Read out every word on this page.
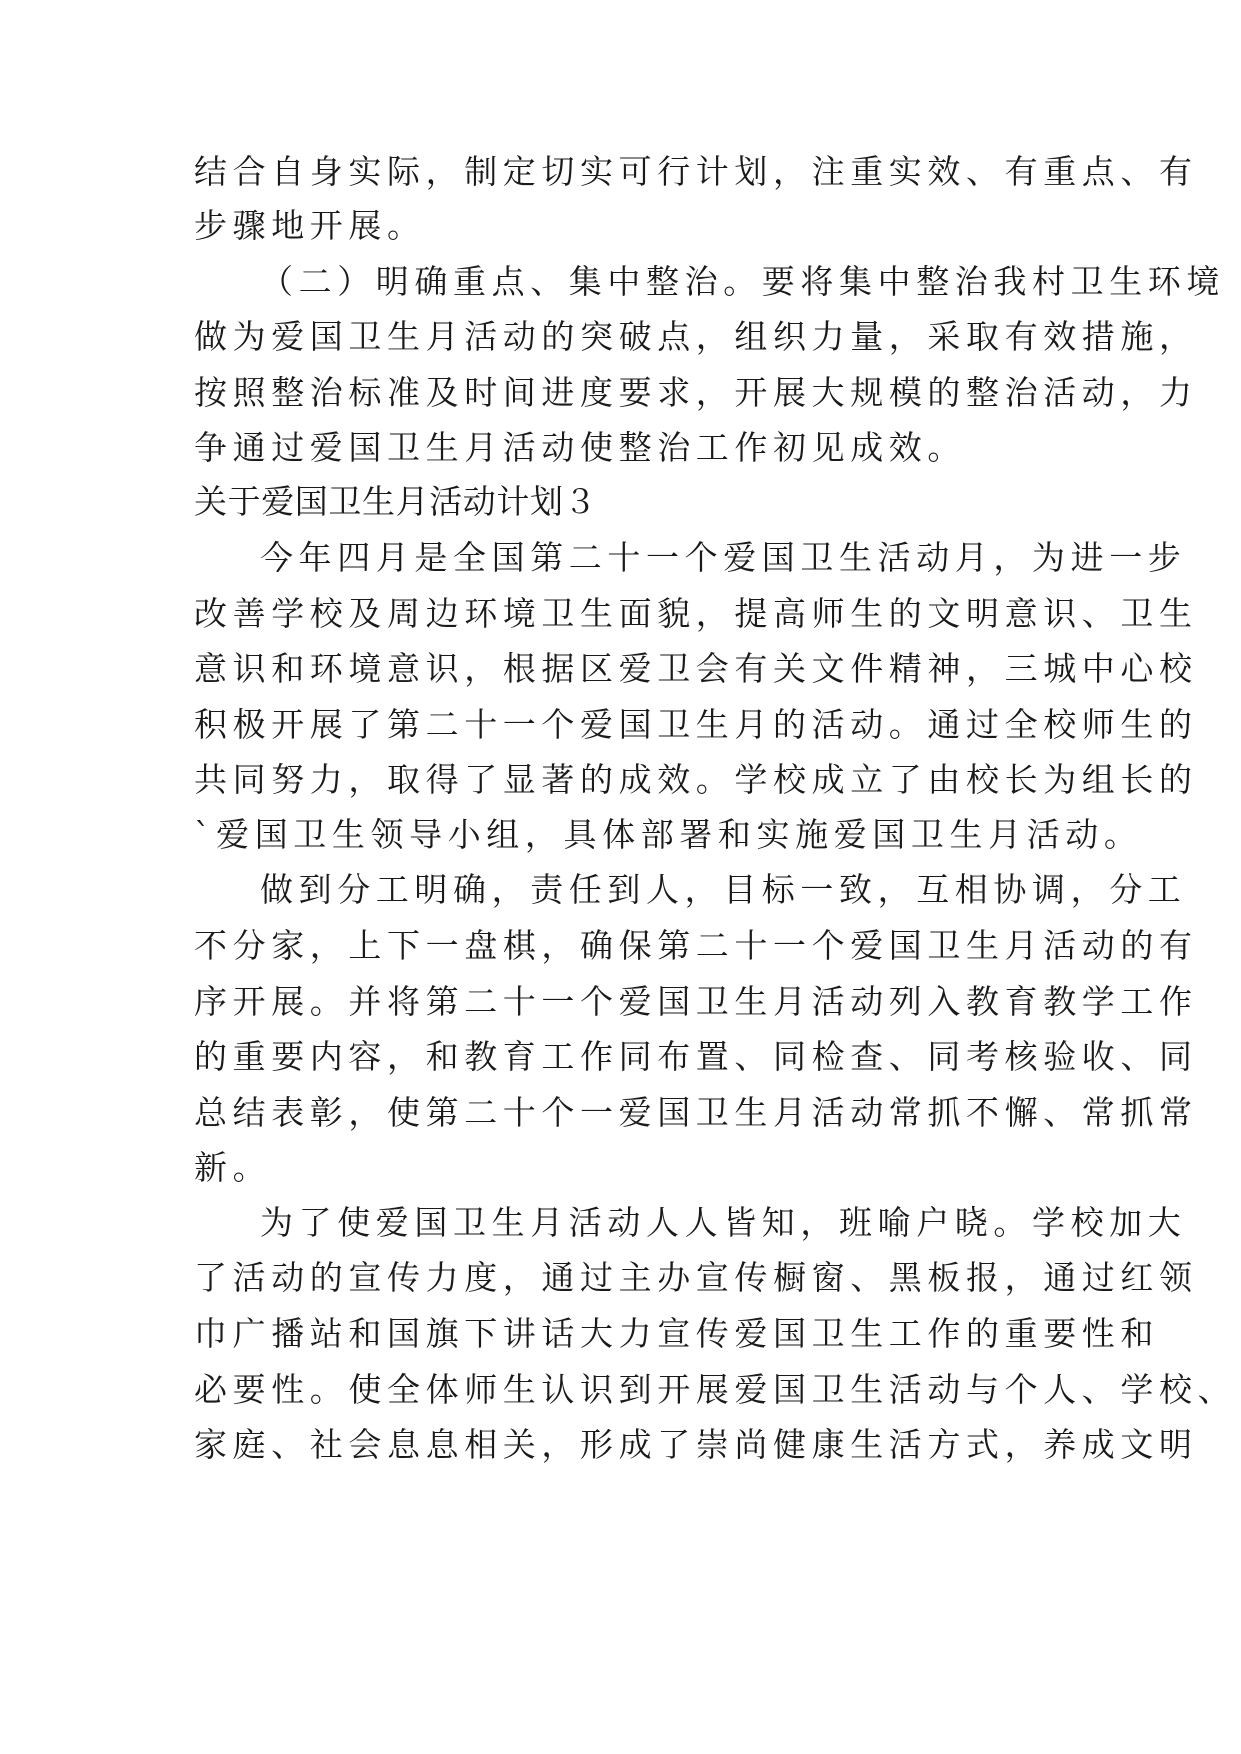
结合自身实际，制定切实可行计划，注重实效、有重点、有
步骤地开展。
（二）明确重点、集中整治。要将集中整治我村卫生环境
做为爱国卫生月活动的突破点，组织力量，采取有效措施，
按照整治标准及时间进度要求，开展大规模的整治活动，力
争通过爱国卫生月活动使整治工作初见成效。
关于爱国卫生月活动计划３
今年四月是全国第二十一个爱国卫生活动月，为进一步
改善学校及周边环境卫生面貌，提高师生的文明意识、卫生
意识和环境意识，根据区爱卫会有关文件精神，三城中心校
积极开展了第二十一个爱国卫生月的活动。通过全校师生的
共同努力，取得了显著的成效。学校成立了由校长为组长的
`爱国卫生领导小组，具体部署和实施爱国卫生月活动。
做到分工明确，责任到人，目标一致，互相协调，分工
不分家，上下一盘棋，确保第二十一个爱国卫生月活动的有
序开展。并将第二十一个爱国卫生月活动列入教育教学工作
的重要内容，和教育工作同布置、同检查、同考核验收、同
总结表彰，使第二十个一爱国卫生月活动常抓不懈、常抓常
新。
为了使爱国卫生月活动人人皆知，班喻户晓。学校加大
了活动的宣传力度，通过主办宣传橱窗、黑板报，通过红领
巾广播站和国旗下讲话大力宣传爱国卫生工作的重要性和
必要性。使全体师生认识到开展爱国卫生活动与个人、学校、
家庭、社会息息相关，形成了崇尚健康生活方式，养成文明
